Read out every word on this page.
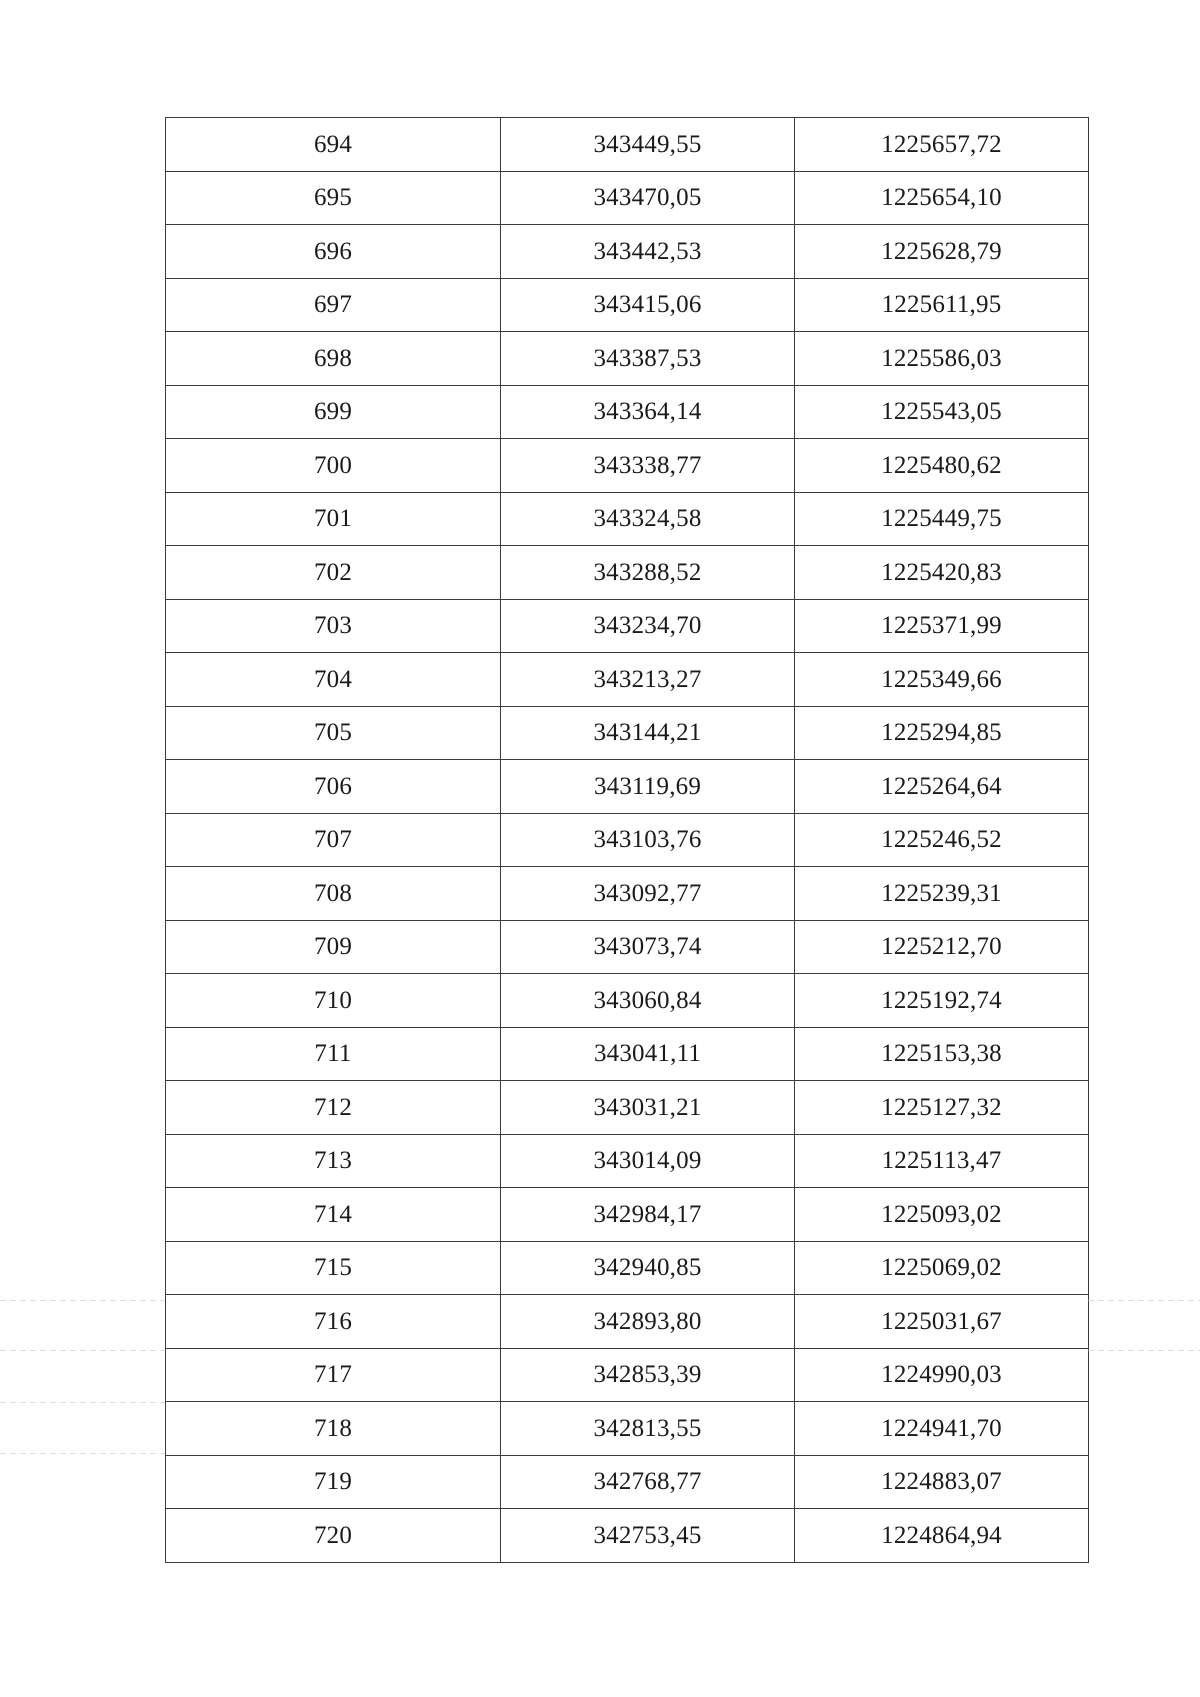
694	343449,55	1225657,72
695	343470,05	1225654,10
696	343442,53	1225628,79
697	343415,06	1225611,95
698	343387,53	1225586,03
699	343364,14	1225543,05
700	343338,77	1225480,62
701	343324,58	1225449,75
702	343288,52	1225420,83
703	343234,70	1225371,99
704	343213,27	1225349,66
705	343144,21	1225294,85
706	343119,69	1225264,64
707	343103,76	1225246,52
708	343092,77	1225239,31
709	343073,74	1225212,70
710	343060,84	1225192,74
711	343041,11	1225153,38
712	343031,21	1225127,32
713	343014,09	1225113,47
714	342984,17	1225093,02
715	342940,85	1225069,02
716	342893,80	1225031,67
717	342853,39	1224990,03
718	342813,55	1224941,70
719	342768,77	1224883,07
720	342753,45	1224864,94
